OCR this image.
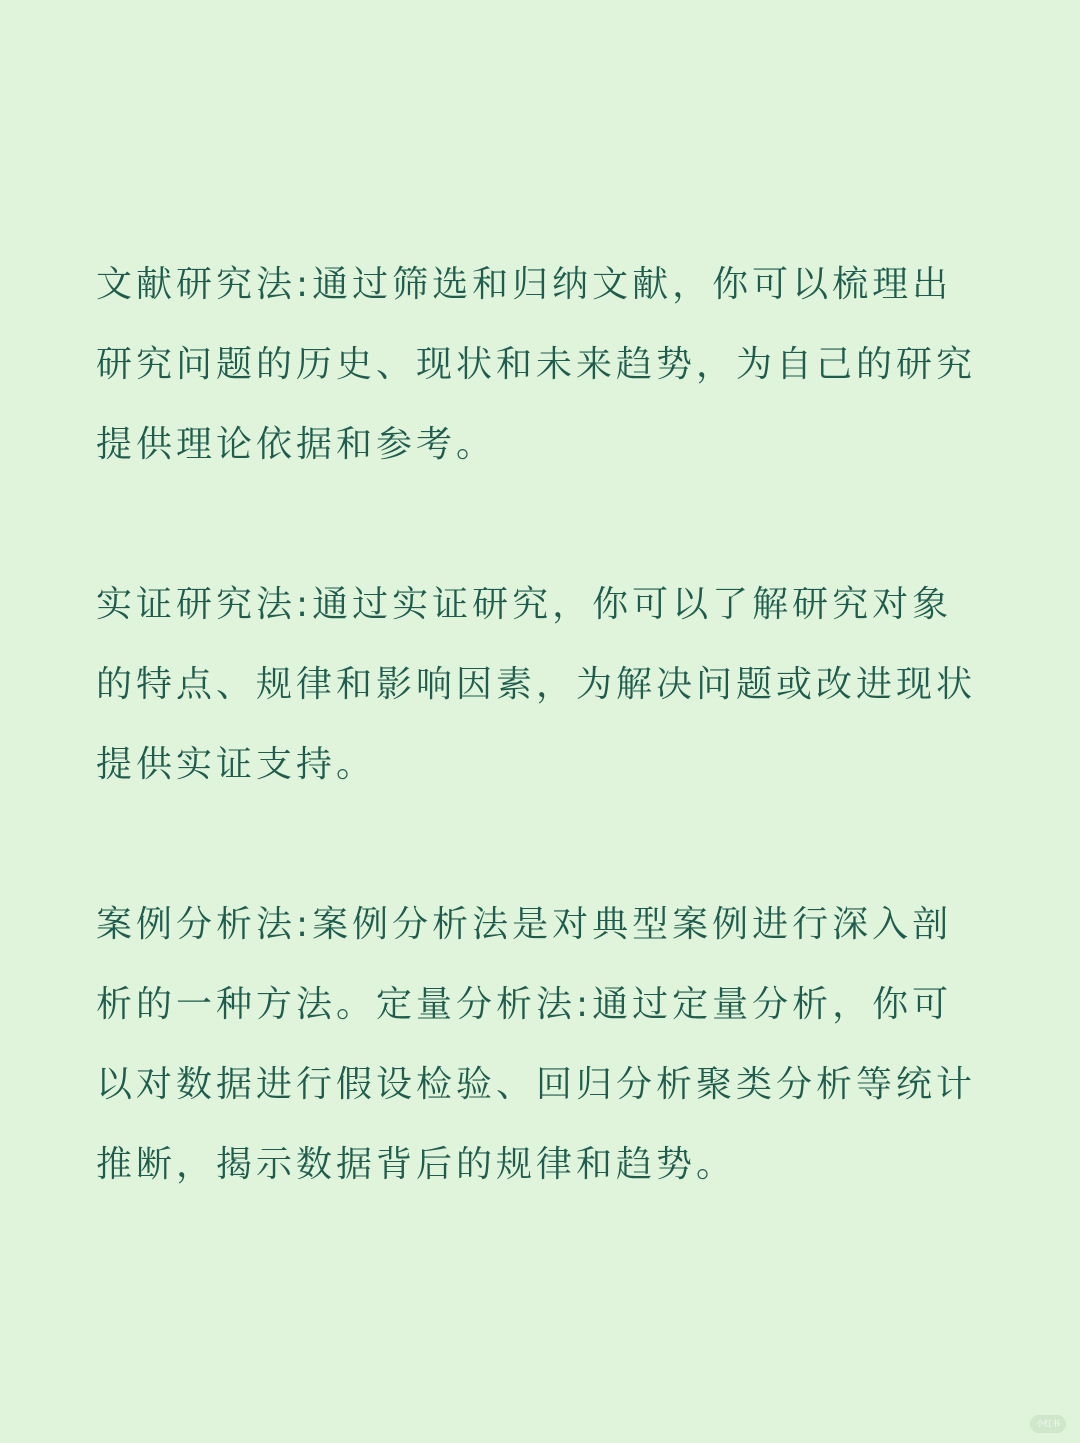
文献研究法:通过筛选和归纳文献，你可以梳理出
研究问题的历史、现状和未来趋势，为自己的研究
提供理论依据和参考。
实证研究法:通过实证研究，你可以了解研究对象
的特点、规律和影响因素，为解决问题或改进现状
提供实证支持。
案例分析法:案例分析法是对典型案例进行深入剖
析的一种方法。定量分析法:通过定量分析，你可
以对数据进行假设检验、回归分析聚类分析等统计
推断，揭示数据背后的规律和趋势。
小红书
